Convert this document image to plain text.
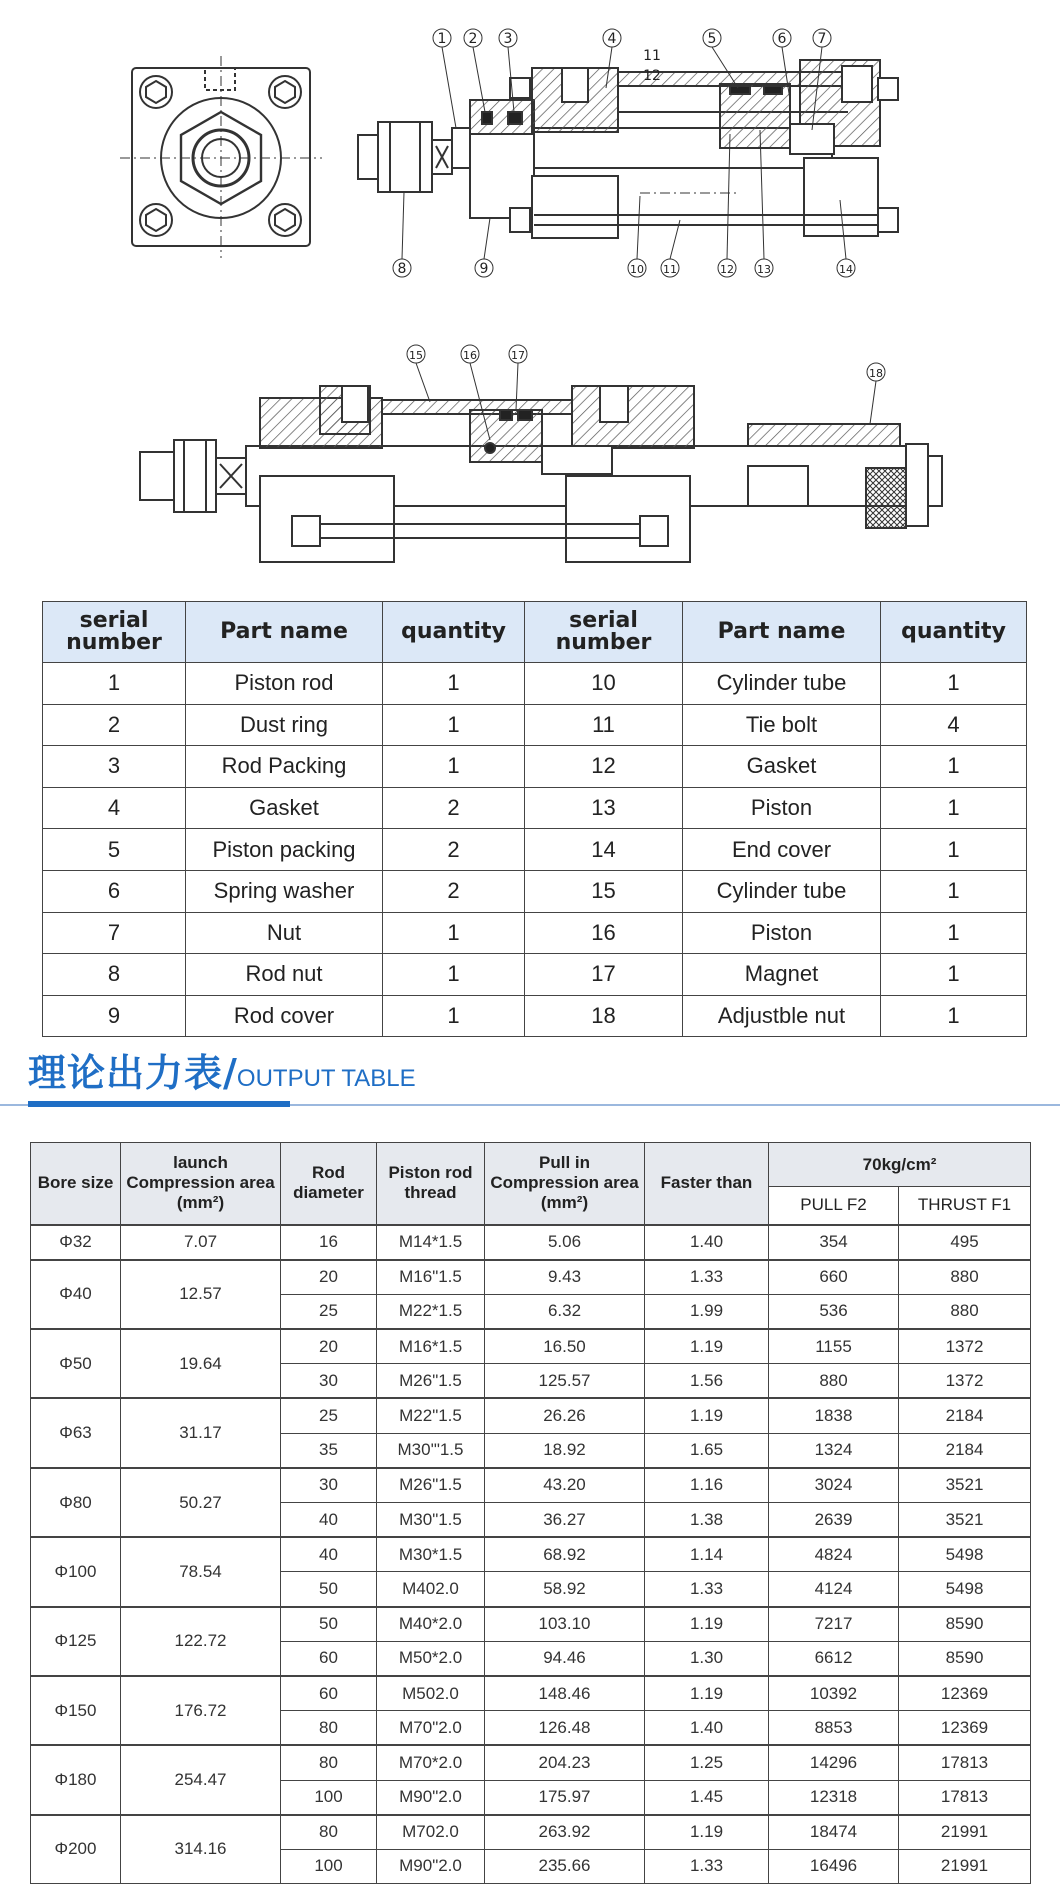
1 2 3	4	5	6 7
11
12
8	9	10 11	12 13	14
15	16	17
18
serial number	Part name	quantity	serial number	Part name	quantity
1	Piston rod	1	10	Cylinder tube	1
2	Dust ring	1	11	Tie bolt	4
3	Rod Packing	1	12	Gasket	1
4	Gasket	2	13	Piston	1
5	Piston packing	2	14	End cover	1
6	Spring washer	2	15	Cylinder tube	1
7	Nut	1	16	Piston	1
8	Rod nut	1	17	Magnet	1
9	Rod cover	1	18	Adjustble nut	1
理论出力表/OUTPUT TABLE
Bore size	launch Compression area (mm²)	Rod diameter	Piston rod thread	Pull in Compression area (mm²)	Faster than	70kg/cm²	
						PULL F2	THRUST F1
Φ32	7.07	16	M14*1.5	5.06	1.40	354	495
Φ40	12.57	20	M16"1.5	9.43	1.33	660	880
		25	M22*1.5	6.32	1.99	536	880
Φ50	19.64	20	M16*1.5	16.50	1.19	1155	1372
		30	M26"1.5	125.57	1.56	880	1372
Φ63	31.17	25	M22"1.5	26.26	1.19	1838	2184
		35	M30'"1.5	18.92	1.65	1324	2184
Φ80	50.27	30	M26"1.5	43.20	1.16	3024	3521
		40	M30"1.5	36.27	1.38	2639	3521
Φ100	78.54	40	M30*1.5	68.92	1.14	4824	5498
		50	M402.0	58.92	1.33	4124	5498
Φ125	122.72	50	M40*2.0	103.10	1.19	7217	8590
		60	M50*2.0	94.46	1.30	6612	8590
Φ150	176.72	60	M502.0	148.46	1.19	10392	12369
		80	M70"2.0	126.48	1.40	8853	12369
Φ180	254.47	80	M70*2.0	204.23	1.25	14296	17813
		100	M90"2.0	175.97	1.45	12318	17813
Φ200	314.16	80	M702.0	263.92	1.19	18474	21991
		100	M90"2.0	235.66	1.33	16496	21991
